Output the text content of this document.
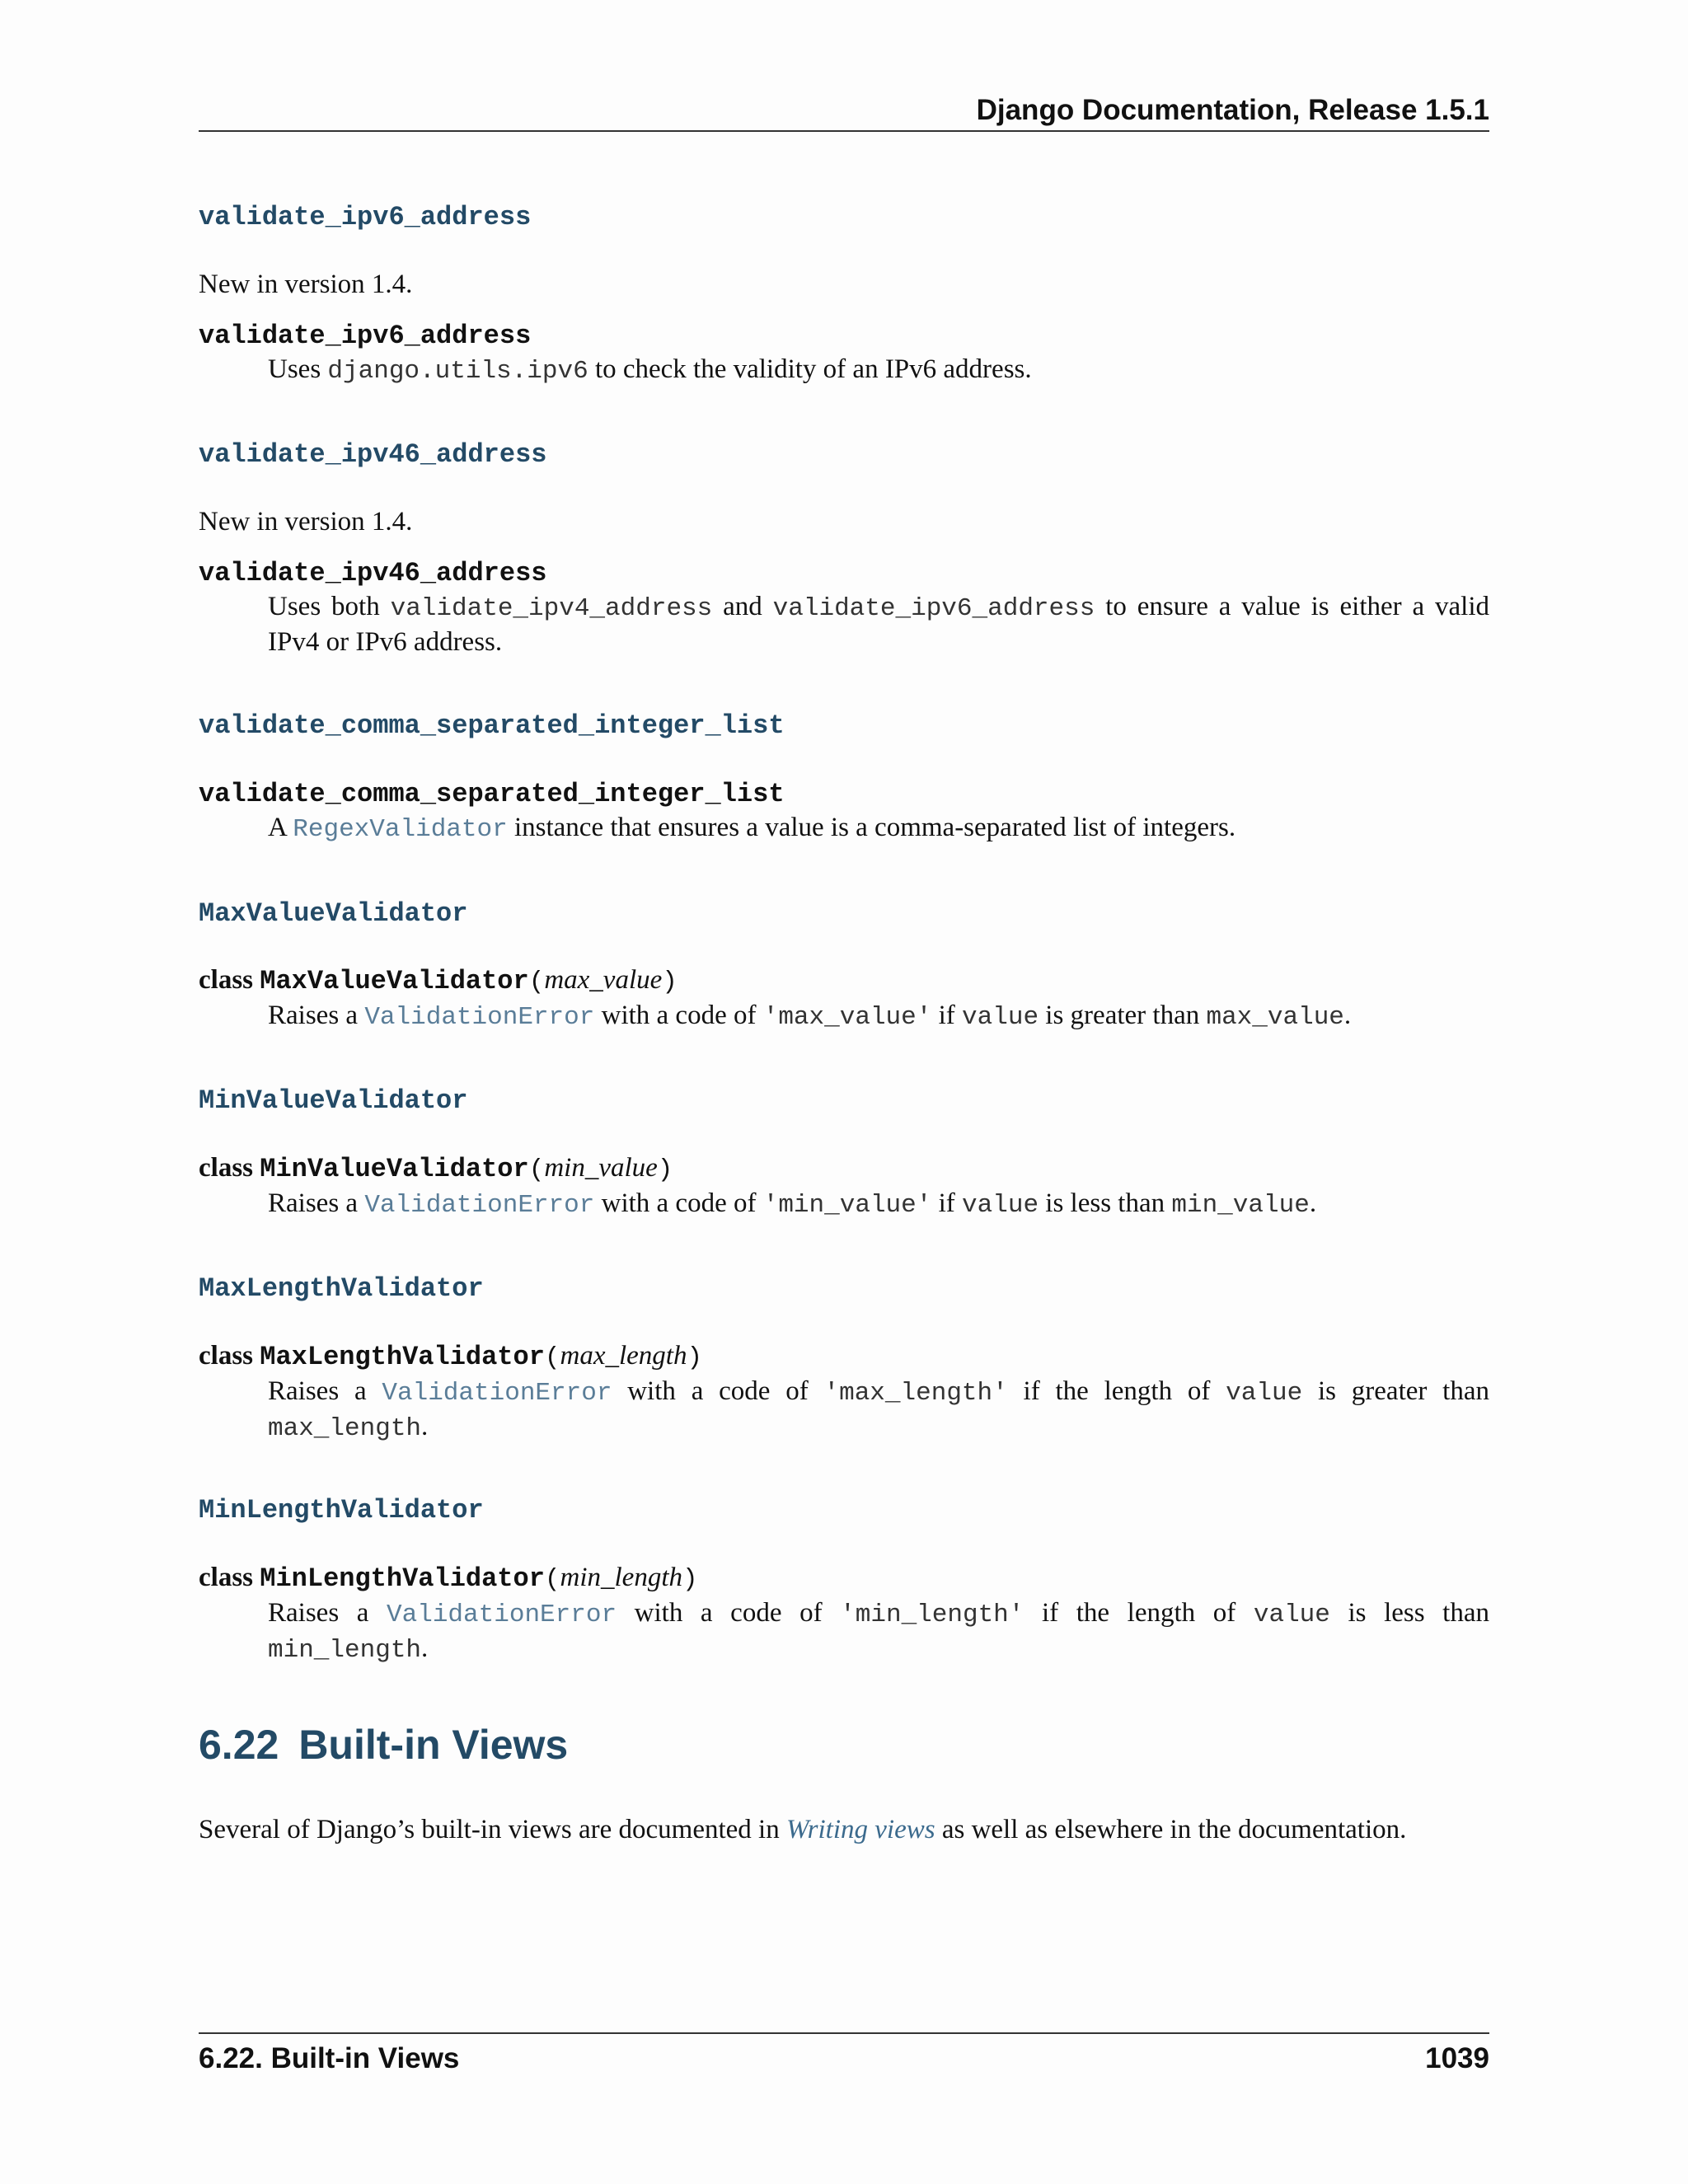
Django Documentation, Release 1.5.1
validate_ipv6_address
New in version 1.4.
validate_ipv6_address
Uses django.utils.ipv6 to check the validity of an IPv6 address.
validate_ipv46_address
New in version 1.4.
validate_ipv46_address
Uses both validate_ipv4_address and validate_ipv6_address to ensure a value is either a valid IPv4 or IPv6 address.
validate_comma_separated_integer_list
validate_comma_separated_integer_list
A RegexValidator instance that ensures a value is a comma-separated list of integers.
MaxValueValidator
class MaxValueValidator(max_value)
Raises a ValidationError with a code of 'max_value' if value is greater than max_value.
MinValueValidator
class MinValueValidator(min_value)
Raises a ValidationError with a code of 'min_value' if value is less than min_value.
MaxLengthValidator
class MaxLengthValidator(max_length)
Raises a ValidationError with a code of 'max_length' if the length of value is greater than max_length.
MinLengthValidator
class MinLengthValidator(min_length)
Raises a ValidationError with a code of 'min_length' if the length of value is less than min_length.
6.22 Built-in Views
Several of Django’s built-in views are documented in Writing views as well as elsewhere in the documentation.
6.22. Built-in Views	1039
